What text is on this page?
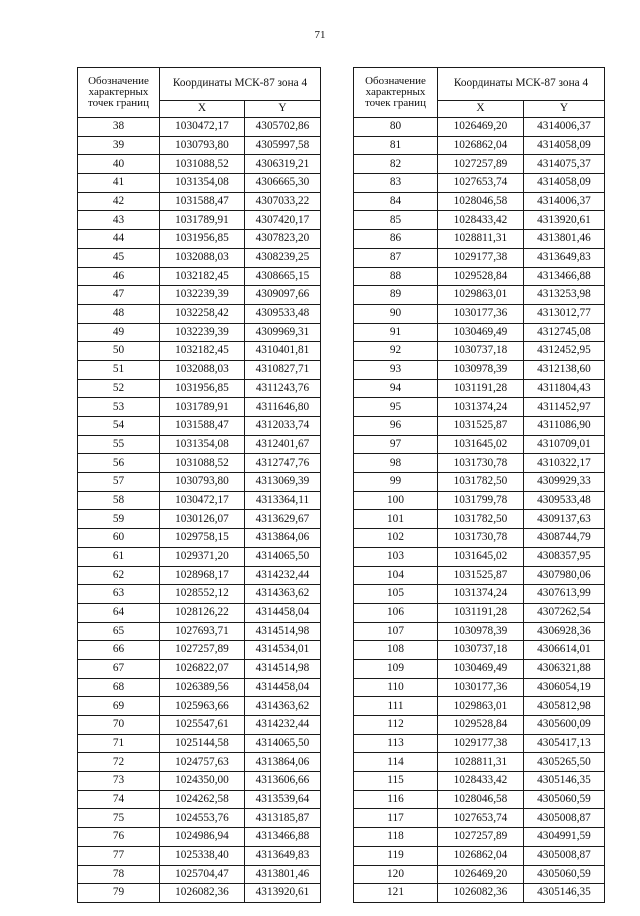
71
Обозначение характерных точек границ	Координаты МСК-87 зона 4	
	X	Y
38	1030472,17	4305702,86
39	1030793,80	4305997,58
40	1031088,52	4306319,21
41	1031354,08	4306665,30
42	1031588,47	4307033,22
43	1031789,91	4307420,17
44	1031956,85	4307823,20
45	1032088,03	4308239,25
46	1032182,45	4308665,15
47	1032239,39	4309097,66
48	1032258,42	4309533,48
49	1032239,39	4309969,31
50	1032182,45	4310401,81
51	1032088,03	4310827,71
52	1031956,85	4311243,76
53	1031789,91	4311646,80
54	1031588,47	4312033,74
55	1031354,08	4312401,67
56	1031088,52	4312747,76
57	1030793,80	4313069,39
58	1030472,17	4313364,11
59	1030126,07	4313629,67
60	1029758,15	4313864,06
61	1029371,20	4314065,50
62	1028968,17	4314232,44
63	1028552,12	4314363,62
64	1028126,22	4314458,04
65	1027693,71	4314514,98
66	1027257,89	4314534,01
67	1026822,07	4314514,98
68	1026389,56	4314458,04
69	1025963,66	4314363,62
70	1025547,61	4314232,44
71	1025144,58	4314065,50
72	1024757,63	4313864,06
73	1024350,00	4313606,66
74	1024262,58	4313539,64
75	1024553,76	4313185,87
76	1024986,94	4313466,88
77	1025338,40	4313649,83
78	1025704,47	4313801,46
79	1026082,36	4313920,61
Обозначение характерных точек границ	Координаты МСК-87 зона 4	
	X	Y
80	1026469,20	4314006,37
81	1026862,04	4314058,09
82	1027257,89	4314075,37
83	1027653,74	4314058,09
84	1028046,58	4314006,37
85	1028433,42	4313920,61
86	1028811,31	4313801,46
87	1029177,38	4313649,83
88	1029528,84	4313466,88
89	1029863,01	4313253,98
90	1030177,36	4313012,77
91	1030469,49	4312745,08
92	1030737,18	4312452,95
93	1030978,39	4312138,60
94	1031191,28	4311804,43
95	1031374,24	4311452,97
96	1031525,87	4311086,90
97	1031645,02	4310709,01
98	1031730,78	4310322,17
99	1031782,50	4309929,33
100	1031799,78	4309533,48
101	1031782,50	4309137,63
102	1031730,78	4308744,79
103	1031645,02	4308357,95
104	1031525,87	4307980,06
105	1031374,24	4307613,99
106	1031191,28	4307262,54
107	1030978,39	4306928,36
108	1030737,18	4306614,01
109	1030469,49	4306321,88
110	1030177,36	4306054,19
111	1029863,01	4305812,98
112	1029528,84	4305600,09
113	1029177,38	4305417,13
114	1028811,31	4305265,50
115	1028433,42	4305146,35
116	1028046,58	4305060,59
117	1027653,74	4305008,87
118	1027257,89	4304991,59
119	1026862,04	4305008,87
120	1026469,20	4305060,59
121	1026082,36	4305146,35
